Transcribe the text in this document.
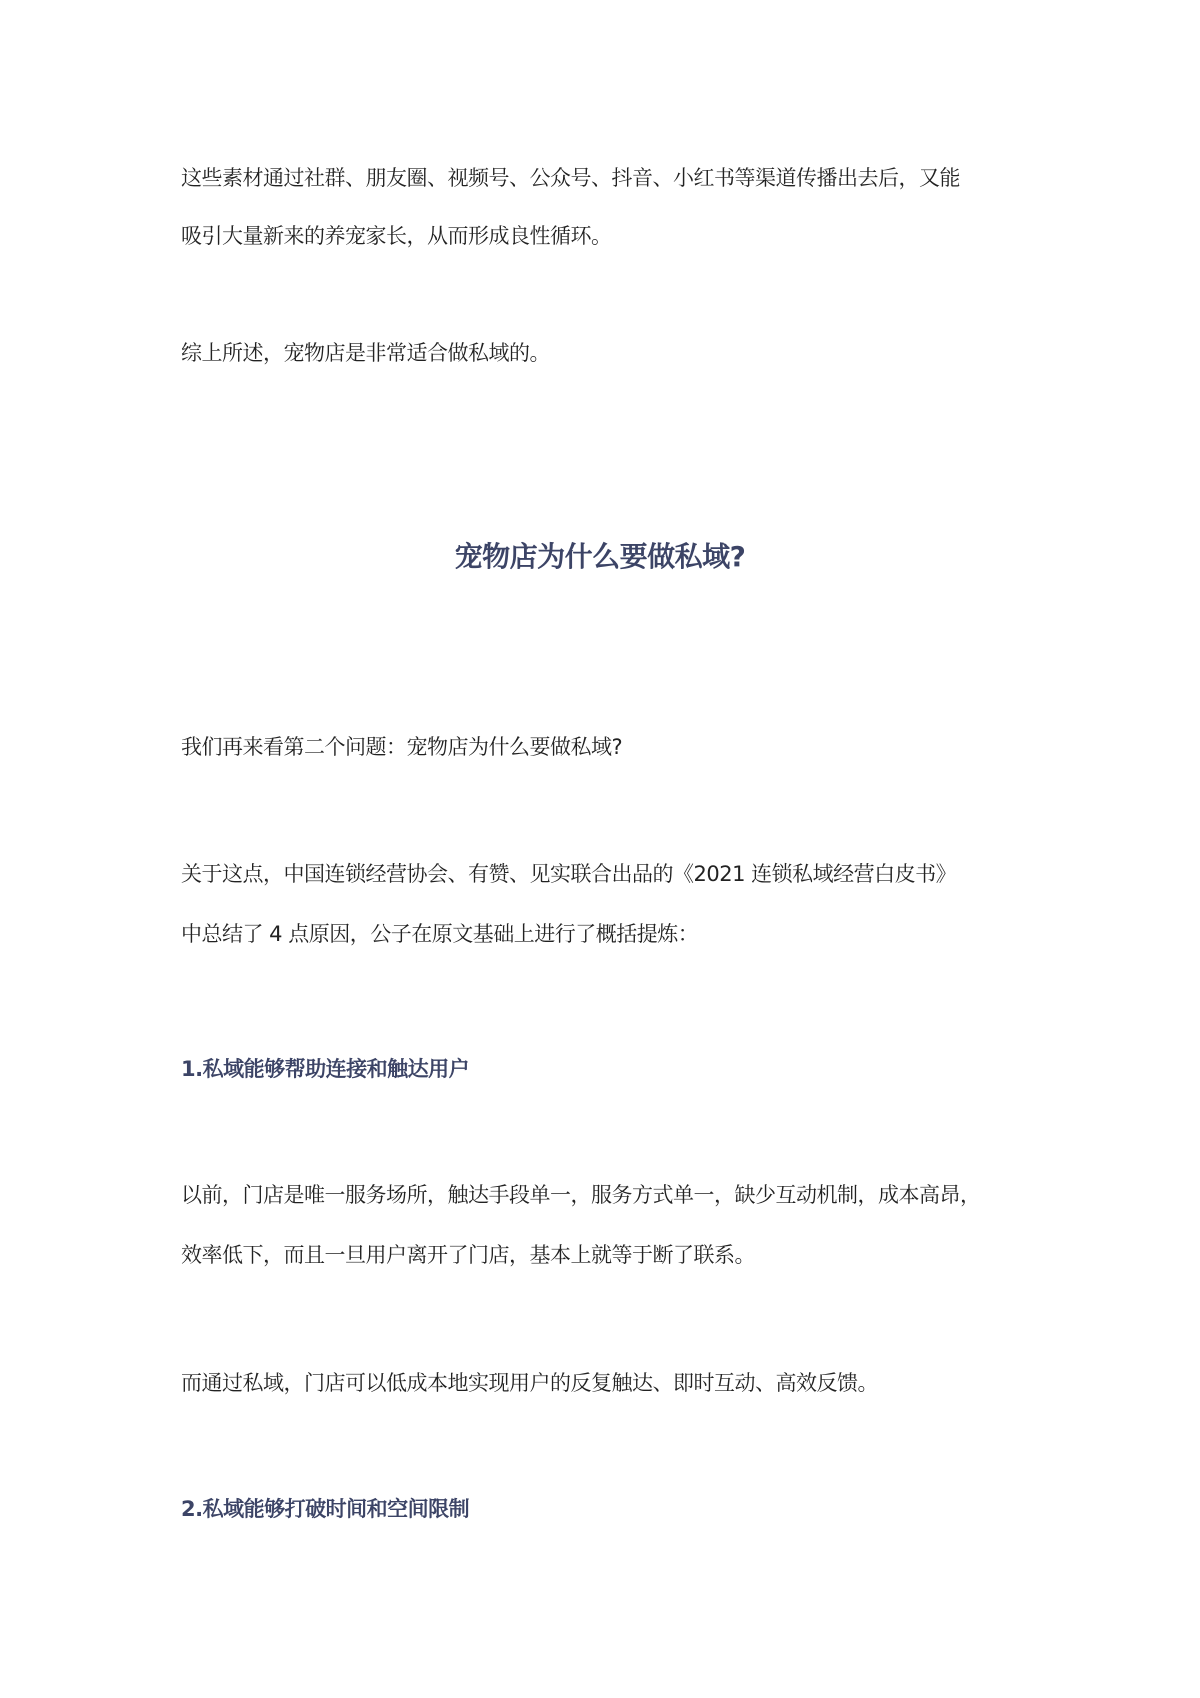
这些素材通过社群、朋友圈、视频号、公众号、抖音、小红书等渠道传播出去后，又能

吸引大量新来的养宠家长，从而形成良性循环。

综上所述，宠物店是非常适合做私域的。

宠物店为什么要做私域?

我们再来看第二个问题：宠物店为什么要做私域?

关于这点，中国连锁经营协会、有赞、见实联合出品的《2021 连锁私域经营白皮书》

中总结了 4 点原因，公子在原文基础上进行了概括提炼：

1.私域能够帮助连接和触达用户

以前，门店是唯一服务场所，触达手段单一，服务方式单一，缺少互动机制，成本高昂，

效率低下，而且一旦用户离开了门店，基本上就等于断了联系。

而通过私域，门店可以低成本地实现用户的反复触达、即时互动、高效反馈。

2.私域能够打破时间和空间限制
